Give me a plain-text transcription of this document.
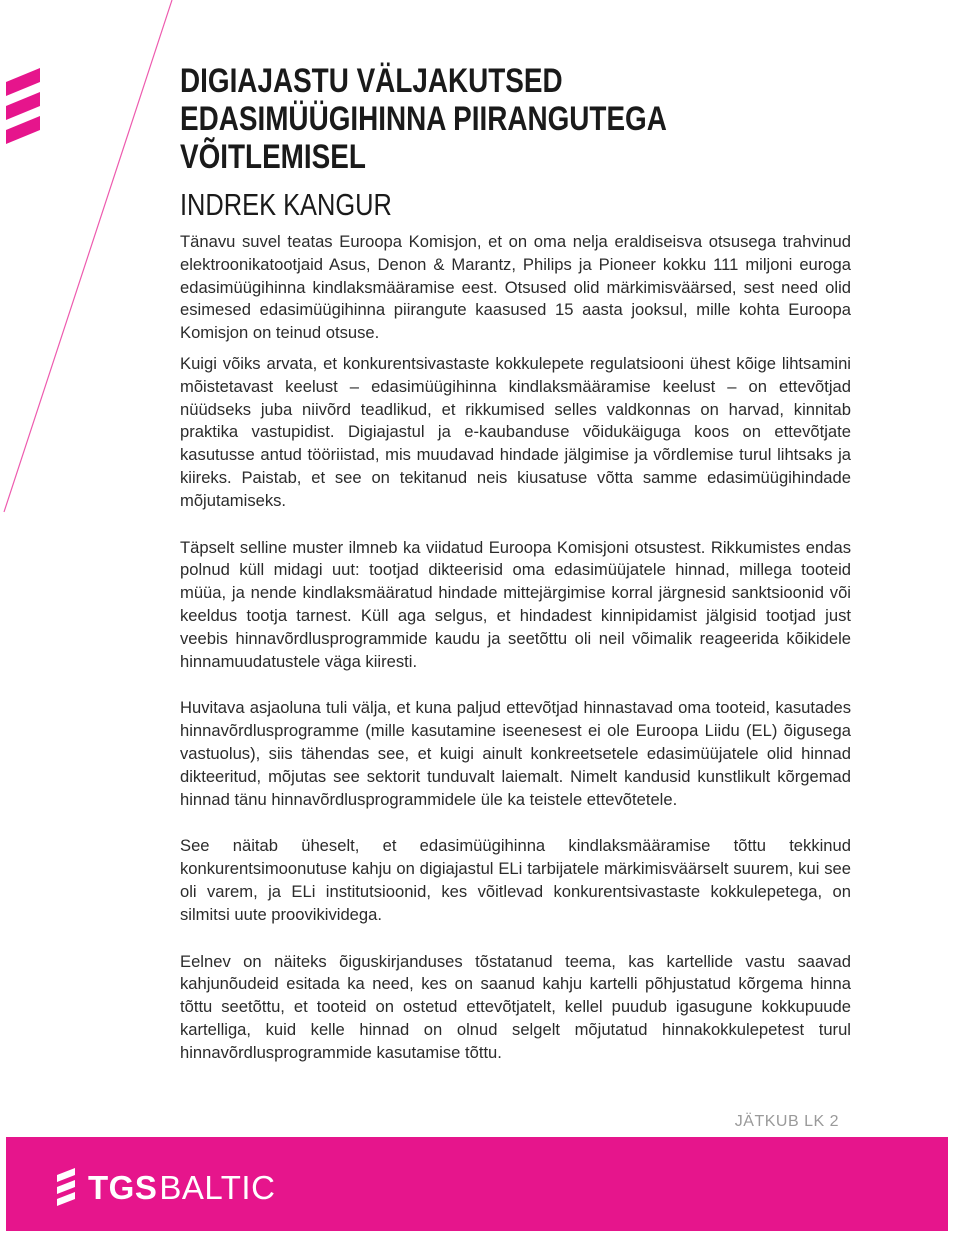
DIGIAJASTU VÄLJAKUTSED EDASIMÜÜGIHINNA PIIRANGUTEGA VÕITLEMISEL
INDREK KANGUR

Tänavu suvel teatas Euroopa Komisjon, et on oma nelja eraldiseisva otsusega trahvinud elektroonikatootjaid Asus, Denon & Marantz, Philips ja Pioneer kokku 111 miljoni euroga edasimüügihinna kindlaksmääramise eest. Otsused olid märkimisväärsed, sest need olid esimesed edasimüügihinna piirangute kaasused 15 aasta jooksul, mille kohta Euroopa Komisjon on teinud otsuse.

Kuigi võiks arvata, et konkurentsivastaste kokkulepete regulatsiooni ühest kõige lihtsamini mõistetavast keelust – edasimüügihinna kindlaksmääramise keelust – on ettevõtjad nüüdseks juba niivõrd teadlikud, et rikkumised selles valdkonnas on harvad, kinnitab praktika vastupidist. Digiajastul ja e-kaubanduse võidukäiguga koos on ettevõtjate kasutusse antud tööriistad, mis muudavad hindade jälgimise ja võrdlemise turul lihtsaks ja kiireks. Paistab, et see on tekitanud neis kiusatuse võtta samme edasimüügihindade mõjutamiseks.

Täpselt selline muster ilmneb ka viidatud Euroopa Komisjoni otsustest. Rikkumistes endas polnud küll midagi uut: tootjad dikteerisid oma edasimüüjatele hinnad, millega tooteid müüa, ja nende kindlaksmääratud hindade mittejärgimise korral järgnesid sanktsioonid või keeldus tootja tarnest. Küll aga selgus, et hindadest kinnipidamist jälgisid tootjad just veebis hinnavõrdlusprogrammide kaudu ja seetõttu oli neil võimalik reageerida kõikidele hinnamuudatustele väga kiiresti.

Huvitava asjaoluna tuli välja, et kuna paljud ettevõtjad hinnastavad oma tooteid, kasutades hinnavõrdlusprogramme (mille kasutamine iseenesest ei ole Euroopa Liidu (EL) õigusega vastuolus), siis tähendas see, et kuigi ainult konkreetsetele edasimüüjatele olid hinnad dikteeritud, mõjutas see sektorit tunduvalt laiemalt. Nimelt kandusid kunstlikult kõrgemad hinnad tänu hinnavõrdlusprogrammidele üle ka teistele ettevõtetele.

See näitab üheselt, et edasimüügihinna kindlaksmääramise tõttu tekkinud konkurentsimoonutuse kahju on digiajastul ELi tarbijatele märkimisväärselt suurem, kui see oli varem, ja ELi institutsioonid, kes võitlevad konkurentsivastaste kokkulepetega, on silmitsi uute proovikividega.

Eelnev on näiteks õiguskirjanduses tõstatanud teema, kas kartellide vastu saavad kahjunõudeid esitada ka need, kes on saanud kahju kartelli põhjustatud kõrgema hinna tõttu seetõttu, et tooteid on ostetud ettevõtjatelt, kellel puudub igasugune kokkupuude kartelliga, kuid kelle hinnad on olnud selgelt mõjutatud hinnakokkulepetest turul hinnavõrdlusprogrammide kasutamise tõttu.

JÄTKUB LK 2
TGSBALTIC
